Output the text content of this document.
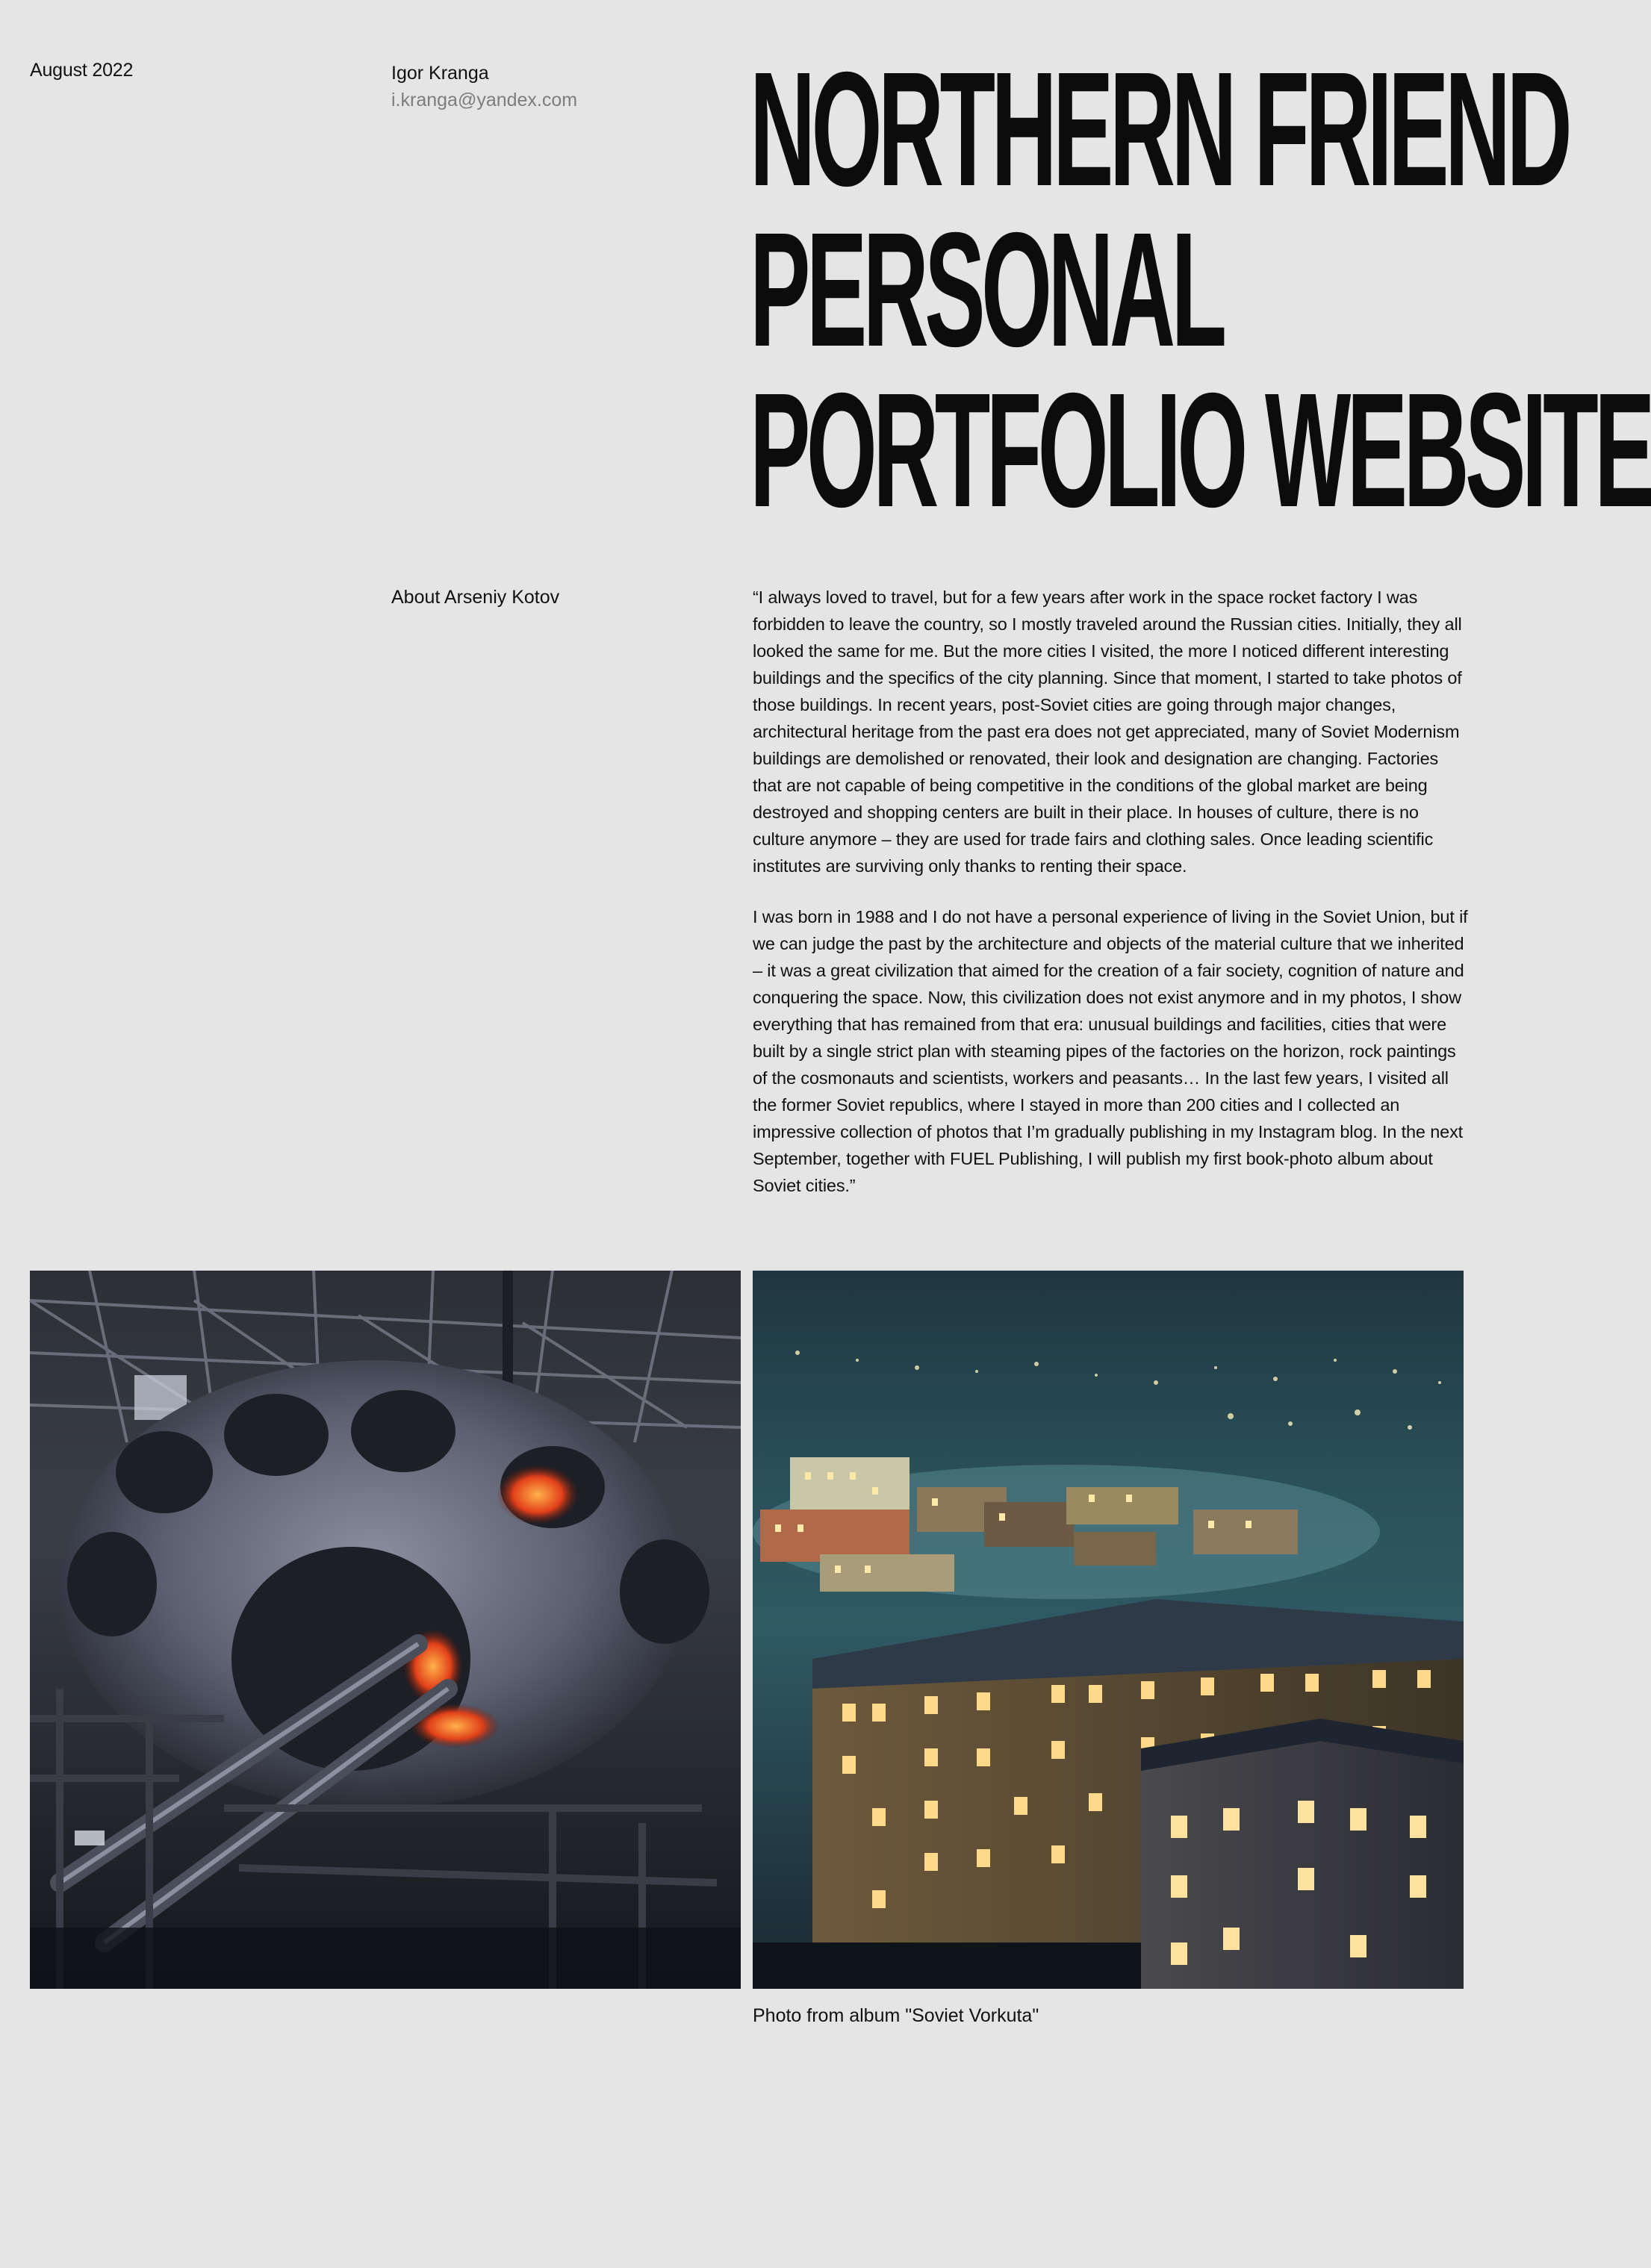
August 2022	Igor Kranga
i.kranga@yandex.com NORTHERN FRIEND
PERSONAL
PORTFOLIO WEBSITE
About Arseniy Kotov	“I always loved to travel, but for a few years after work in the space rocket factory I was forbidden to leave the country, so I mostly traveled around the Russian cities. Initially, they all looked the same for me. But the more cities I visited, the more I noticed different interesting buildings and the specifics of the city planning. Since that moment, I started to take photos of those buildings. In recent years, post-Soviet cities are going through major changes, architectural heritage from the past era does not get appreciated, many of Soviet Modernism buildings are demolished or renovated, their look and designation are changing. Factories that are not capable of being competitive in the conditions of the global market are being destroyed and shopping centers are built in their place. In houses of culture, there is no culture anymore – they are used for trade fairs and clothing sales. Once leading scientific institutes are surviving only thanks to renting their space.

I was born in 1988 and I do not have a personal experience of living in the Soviet Union, but if we can judge the past by the architecture and objects of the material culture that we inherited – it was a great civilization that aimed for the creation of a fair society, cognition of nature and conquering the space. Now, this civilization does not exist anymore and in my photos, I show everything that has remained from that era: unusual buildings and facilities, cities that were built by a single strict plan with steaming pipes of the factories on the horizon, rock paintings of the cosmonauts and scientists, workers and peasants… In the last few years, I visited all the former Soviet republics, where I stayed in more than 200 cities and I collected an impressive collection of photos that I’m gradually publishing in my Instagram blog. In the next September, together with FUEL Publishing, I will publish my first book-photo album about Soviet cities.”

Photo from album "Soviet Vorkuta"
